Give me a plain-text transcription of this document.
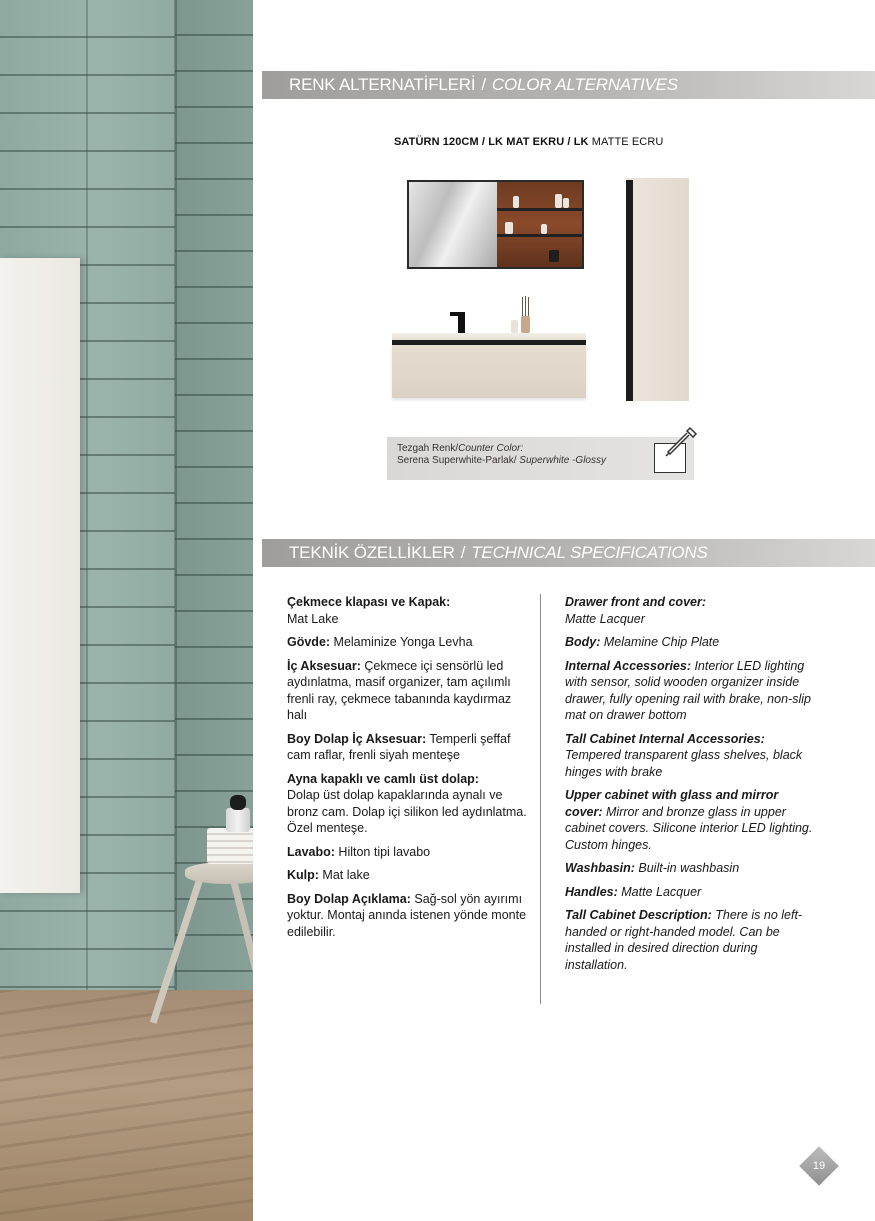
RENK ALTERNATİFLERİ / COLOR ALTERNATIVES
SATÜRN 120CM / LK MAT EKRU / LK MATTE ECRU
Tezgah Renk/Counter Color:
Serena Superwhite-Parlak/ Superwhite -Glossy
TEKNİK ÖZELLİKLER / TECHNICAL SPECIFICATIONS
Çekmece klapası ve Kapak:
Mat Lake
Gövde: Melaminize Yonga Levha
İç Aksesuar: Çekmece içi sensörlü led aydınlatma, masif organizer, tam açılımlı frenli ray, çekmece tabanında kaydırmaz halı
Boy Dolap İç Aksesuar: Temperli şeffaf cam raflar, frenli siyah menteşe
Ayna kapaklı ve camlı üst dolap:
Dolap üst dolap kapaklarında aynalı ve bronz cam. Dolap içi silikon led aydınlatma. Özel menteşe.
Lavabo: Hilton tipi lavabo
Kulp: Mat lake
Boy Dolap Açıklama: Sağ-sol yön ayırımı yoktur. Montaj anında istenen yönde monte edilebilir.
Drawer front and cover:
Matte Lacquer
Body: Melamine Chip Plate
Internal Accessories: Interior LED lighting with sensor, solid wooden organizer inside drawer, fully opening rail with brake, non-slip mat on drawer bottom
Tall Cabinet Internal Accessories:
Tempered transparent glass shelves, black hinges with brake
Upper cabinet with glass and mirror cover: Mirror and bronze glass in upper cabinet covers. Silicone interior LED lighting. Custom hinges.
Washbasin: Built-in washbasin
Handles: Matte Lacquer
Tall Cabinet Description: There is no left-handed or right-handed model. Can be installed in desired direction during installation.
19
